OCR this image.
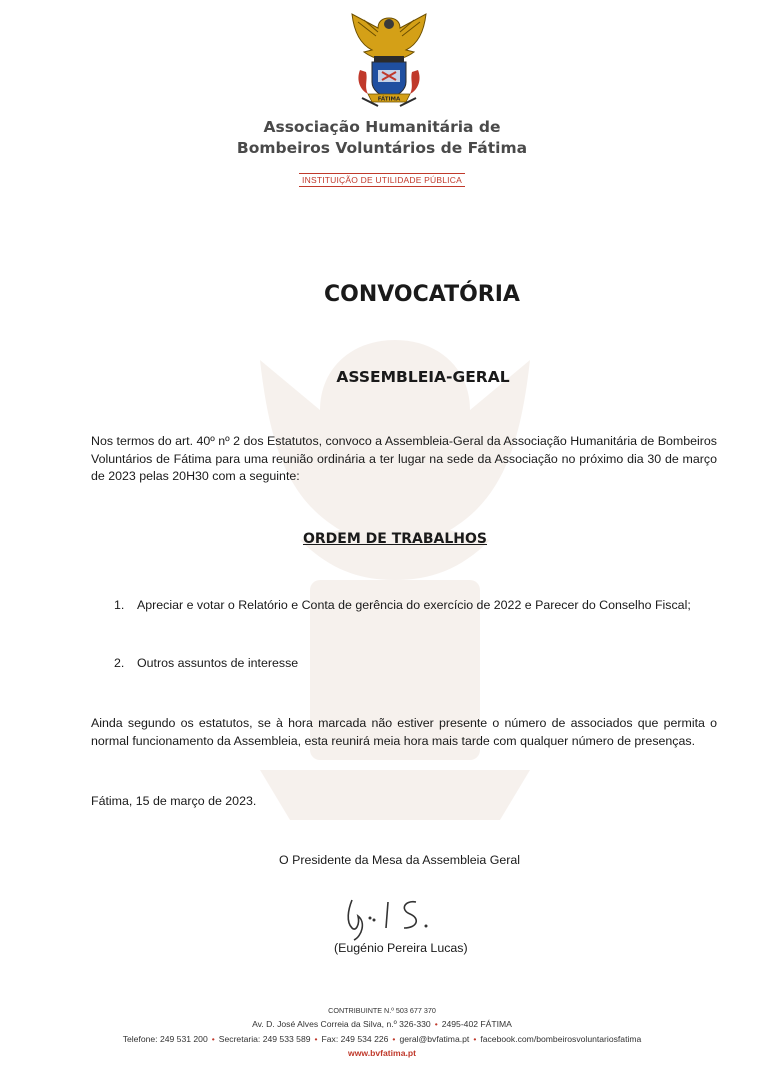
FÁTIMA
Associação Humanitária de
Bombeiros Voluntários de Fátima
INSTITUIÇÃO DE UTILIDADE PÚBLICA
CONVOCATÓRIA
ASSEMBLEIA-GERAL
Nos termos do art. 40º nº 2 dos Estatutos, convoco a Assembleia-Geral da Associação Humanitária de Bombeiros Voluntários de Fátima para uma reunião ordinária a ter lugar na sede da Associação no próximo dia 30 de março de 2023 pelas 20H30 com a seguinte:
ORDEM DE TRABALHOS
1. Apreciar e votar o Relatório e Conta de gerência do exercício de 2022 e Parecer do Conselho Fiscal;
2. Outros assuntos de interesse
Ainda segundo os estatutos, se à hora marcada não estiver presente o número de associados que permita o normal funcionamento da Assembleia, esta reunirá meia hora mais tarde com qualquer número de presenças.
Fátima, 15 de março de 2023.
O Presidente da Mesa da Assembleia Geral
(Eugénio Pereira Lucas)
CONTRIBUINTE N.º 503 677 370
Av. D. José Alves Correia da Silva, n.º 326-330 • 2495-402 FÁTIMA
Telefone: 249 531 200 • Secretaria: 249 533 589 • Fax: 249 534 226 • geral@bvfatima.pt • facebook.com/bombeirosvoluntariosfatima
www.bvfatima.pt
